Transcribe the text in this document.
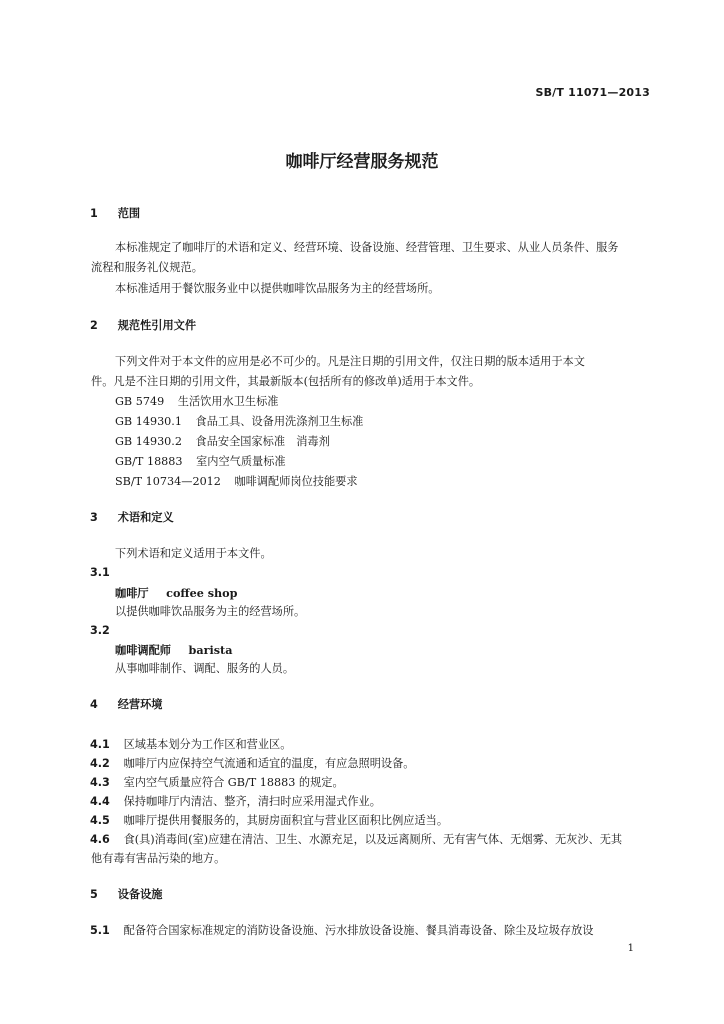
SB/T 11071—2013
咖啡厅经营服务规范
1 范围
本标准规定了咖啡厅的术语和定义、经营环境、设备设施、经营管理、卫生要求、从业人员条件、服务
流程和服务礼仪规范。
本标准适用于餐饮服务业中以提供咖啡饮品服务为主的经营场所。
2 规范性引用文件
下列文件对于本文件的应用是必不可少的。凡是注日期的引用文件，仅注日期的版本适用于本文
件。凡是不注日期的引用文件，其最新版本(包括所有的修改单)适用于本文件。
GB 5749 生活饮用水卫生标准
GB 14930.1 食品工具、设备用洗涤剂卫生标准
GB 14930.2 食品安全国家标准　消毒剂
GB/T 18883 室内空气质量标准
SB/T 10734—2012 咖啡调配师岗位技能要求
3 术语和定义
下列术语和定义适用于本文件。
3.1
咖啡厅 coffee shop
以提供咖啡饮品服务为主的经营场所。
3.2
咖啡调配师 barista
从事咖啡制作、调配、服务的人员。
4 经营环境
4.1 区域基本划分为工作区和营业区。
4.2 咖啡厅内应保持空气流通和适宜的温度，有应急照明设备。
4.3 室内空气质量应符合 GB/T 18883 的规定。
4.4 保持咖啡厅内清洁、整齐，清扫时应采用湿式作业。
4.5 咖啡厅提供用餐服务的，其厨房面积宜与营业区面积比例应适当。
4.6 食(具)消毒间(室)应建在清洁、卫生、水源充足，以及远离厕所、无有害气体、无烟雾、无灰沙、无其
他有毒有害品污染的地方。
5 设备设施
5.1 配备符合国家标准规定的消防设备设施、污水排放设备设施、餐具消毒设备、除尘及垃圾存放设
1
